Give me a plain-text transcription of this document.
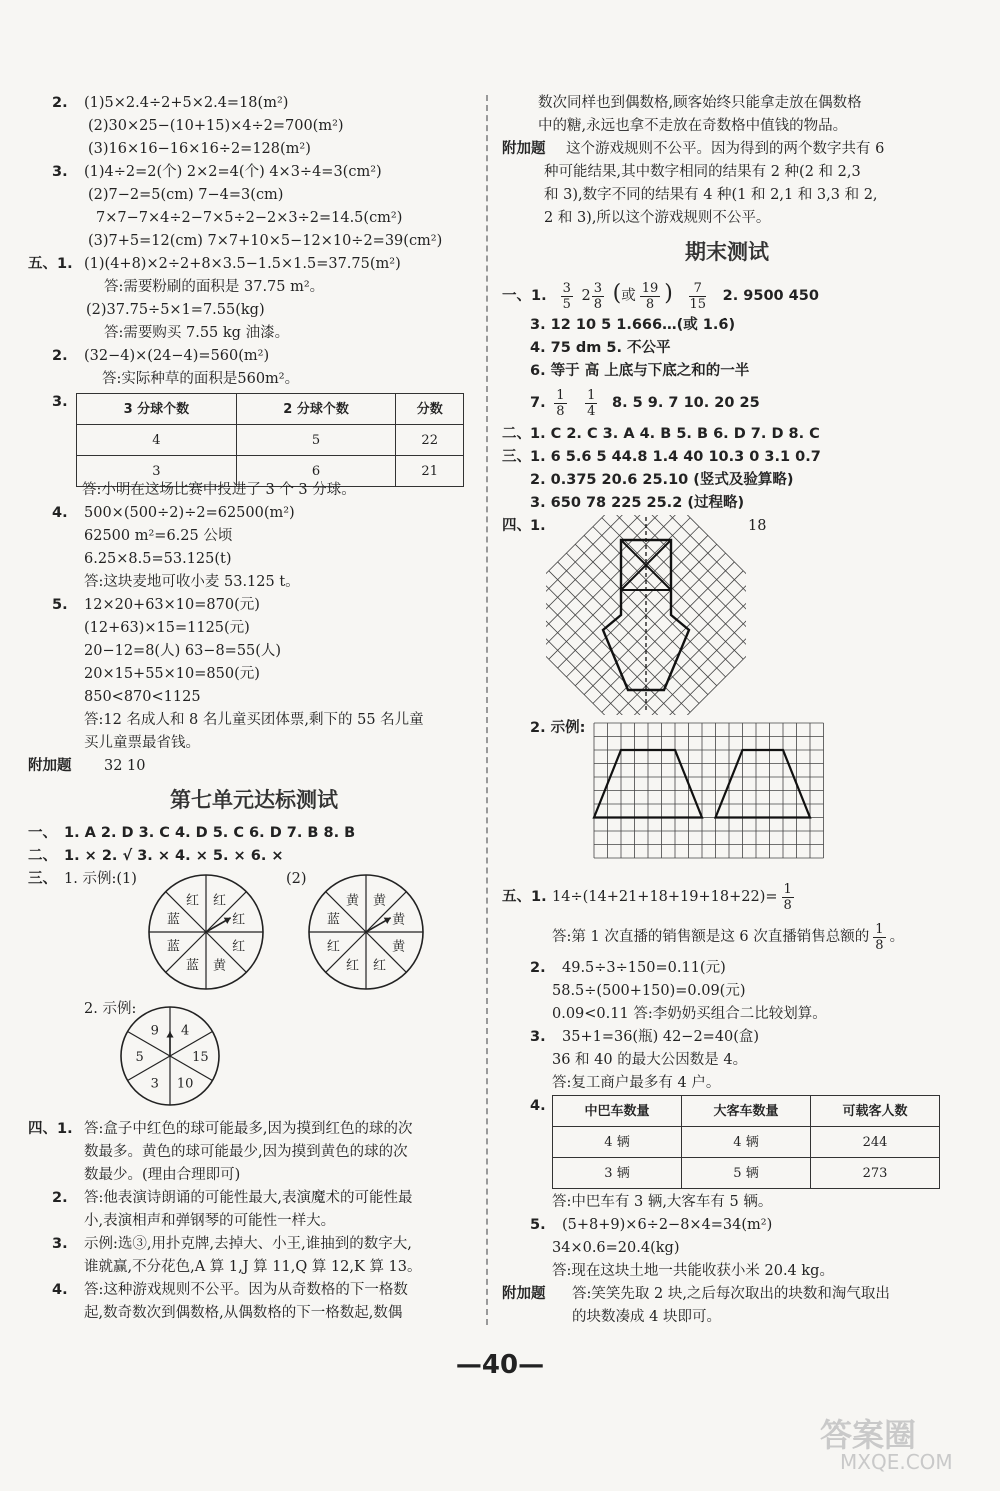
2. (1)5×2.4÷2+5×2.4=18(m²)
(2)30×25−(10+15)×4÷2=700(m²)
(3)16×16−16×16÷2=128(m²)
3. (1)4÷2=2(个) 2×2=4(个) 4×3÷4=3(cm²)
(2)7−2=5(cm) 7−4=3(cm)
7×7−7×4÷2−7×5÷2−2×3÷2=14.5(cm²)
(3)7+5=12(cm) 7×7+10×5−12×10÷2=39(cm²)
五、1. (1)(4+8)×2÷2+8×3.5−1.5×1.5=37.75(m²)
答:需要粉刷的面积是 37.75 m²。
(2)37.75÷5×1=7.55(kg)
答:需要购买 7.55 kg 油漆。
2. (32−4)×(24−4)=560(m²)
答:实际种草的面积是560m²。
3.	3 分球个数	2 分球个数	分数
4	5	22
3	6	21
答:小明在这场比赛中投进了 3 个 3 分球。
4. 500×(500÷2)÷2=62500(m²)
62500 m²=6.25 公顷
6.25×8.5=53.125(t)
答:这块麦地可收小麦 53.125 t。
5. 12×20+63×10=870(元)
(12+63)×15=1125(元)
20−12=8(人) 63−8=55(人)
20×15+55×10=850(元)
850<870<1125
答:12 名成人和 8 名儿童买团体票,剩下的 55 名儿童
买儿童票最省钱。
附加题 32 10
第七单元达标测试
一、 1. A 2. D 3. C 4. D 5. C 6. D 7. B 8. B
二、 1. × 2. √ 3. × 4. × 5. × 6. ×
三、 1. 示例:(1)
红
红
红
黄
蓝
蓝
蓝
红
(2)
黄
黄
黄
红
红
红
蓝
黄
2. 示例:
4
15
10
3
5
9
四、1. 答:盒子中红色的球可能最多,因为摸到红色的球的次
数最多。黄色的球可能最少,因为摸到黄色的球的次
数最少。(理由合理即可)
2. 答:他表演诗朗诵的可能性最大,表演魔术的可能性最
小,表演相声和弹钢琴的可能性一样大。
3. 示例:选③,用扑克牌,去掉大、小王,谁抽到的数字大,
谁就赢,不分花色,A 算 1,J 算 11,Q 算 12,K 算 13。
4. 答:这种游戏规则不公平。因为从奇数格的下一格数
起,数奇数次到偶数格,从偶数格的下一格数起,数偶
数次同样也到偶数格,顾客始终只能拿走放在偶数格
中的糖,永远也拿不走放在奇数格中值钱的物品。
附加题 这个游戏规则不公平。因为得到的两个数字共有 6
种可能结果,其中数字相同的结果有 2 种(2 和 2,3
和 3),数字不同的结果有 4 种(1 和 2,1 和 3,3 和 2,
2 和 3),所以这个游戏规则不公平。
期末测试
一、1. $\frac{3}{5} 2 \frac{3}{8}$ (或 $\frac{19}{8}$ ) $\frac{7}{15} 2$. 9500 450
3. 12 10 5 1.666…(或 1.6̇)
4. 75 dm 5. 不公平
6. 等于 高 上底与下底之和的一半
7. $\frac{1}{8}$
$\frac{1}{4} 8$. 5 9. 7 10. 20 25
二、1. C 2. C 3. A 4. B 5. B 6. D 7. D 8. C
三、1. 6 5.6 5 44.8 1.4 40 10.3 0 3.1 0.7
2. 0.375 20.6 25.10 (竖式及验算略)
3. 650 78 225 25.2 (过程略)
四、1.	18
2. 示例:
五、1. $14\div(14+21+18+19+18+22)= \frac{1}{8}$
答:第 1 次直播的销售额是这 6 次直播销售总额的 $\frac{1}{8}$ 。
2. 49.5÷3÷150=0.11(元)
58.5÷(500+150)=0.09(元)
0.09<0.11 答:李奶奶买组合二比较划算。
3. 35+1=36(瓶) 42−2=40(盒)
36 和 40 的最大公因数是 4。
答:复工商户最多有 4 户。
4.	中巴车数量	大客车数量	可载客人数
4 辆	4 辆	244
3 辆	5 辆	273
答:中巴车有 3 辆,大客车有 5 辆。
5. (5+8+9)×6÷2−8×4=34(m²)
34×0.6=20.4(kg)
答:现在这块土地一共能收获小米 20.4 kg。
附加题 答:笑笑先取 2 块,之后每次取出的块数和淘气取出
的块数凑成 4 块即可。
—40—
答案圈
MXQE.COM
